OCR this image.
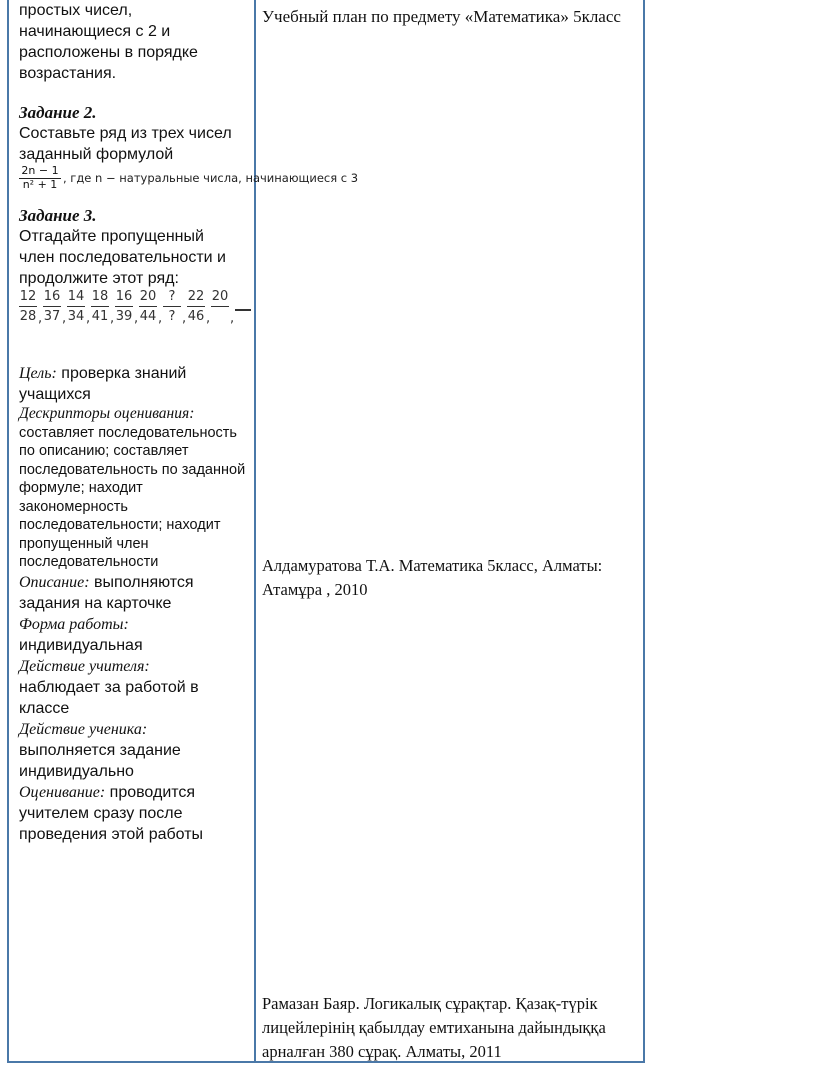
простых чисел,

начинающиеся с 2 и

расположены в порядке

возрастания.

Задание 2.

Составьте ряд из трех чисел

заданный формулой

$\frac{2n - 1}{\text{n² + 1}}$ , где n − натуральные числа, начинающиеся с 3

Задание 3.

Отгадайте пропущенный

член последовательности и

продолжите этот ряд:

$\frac{12}{28}$ , $\frac{16}{37}$ , $\frac{14}{34}$ , $\frac{18}{41}$ , $\frac{16}{39}$ , $\frac{20}{44}$ ,
?
? , $\frac{22}{46}$ ,
20
,

Цель: проверка знаний

учащихся

Дескрипторы оценивания:

составляет последовательность

по описанию; составляет

последовательность по заданной

формуле; находит

закономерность

последовательности; находит

пропущенный член

последовательности

Описание: выполняются

задания на карточке

Форма работы:

индивидуальная

Действие учителя:

наблюдает за работой в

классе

Действие ученика:

выполняется задание

индивидуально

Оценивание: проводится

учителем сразу после

проведения этой работы

Учебный план по предмету «Математика» 5класс

Алдамуратова Т.А. Математика 5класс, Алматы:
Атамұра , 2010
Рамазан Баяр. Логикалық сұрақтар. Қазақ-түрік
лицейлерінің қабылдау емтиханына дайындыққа
арналған 380 сұрақ. Алматы, 2011
